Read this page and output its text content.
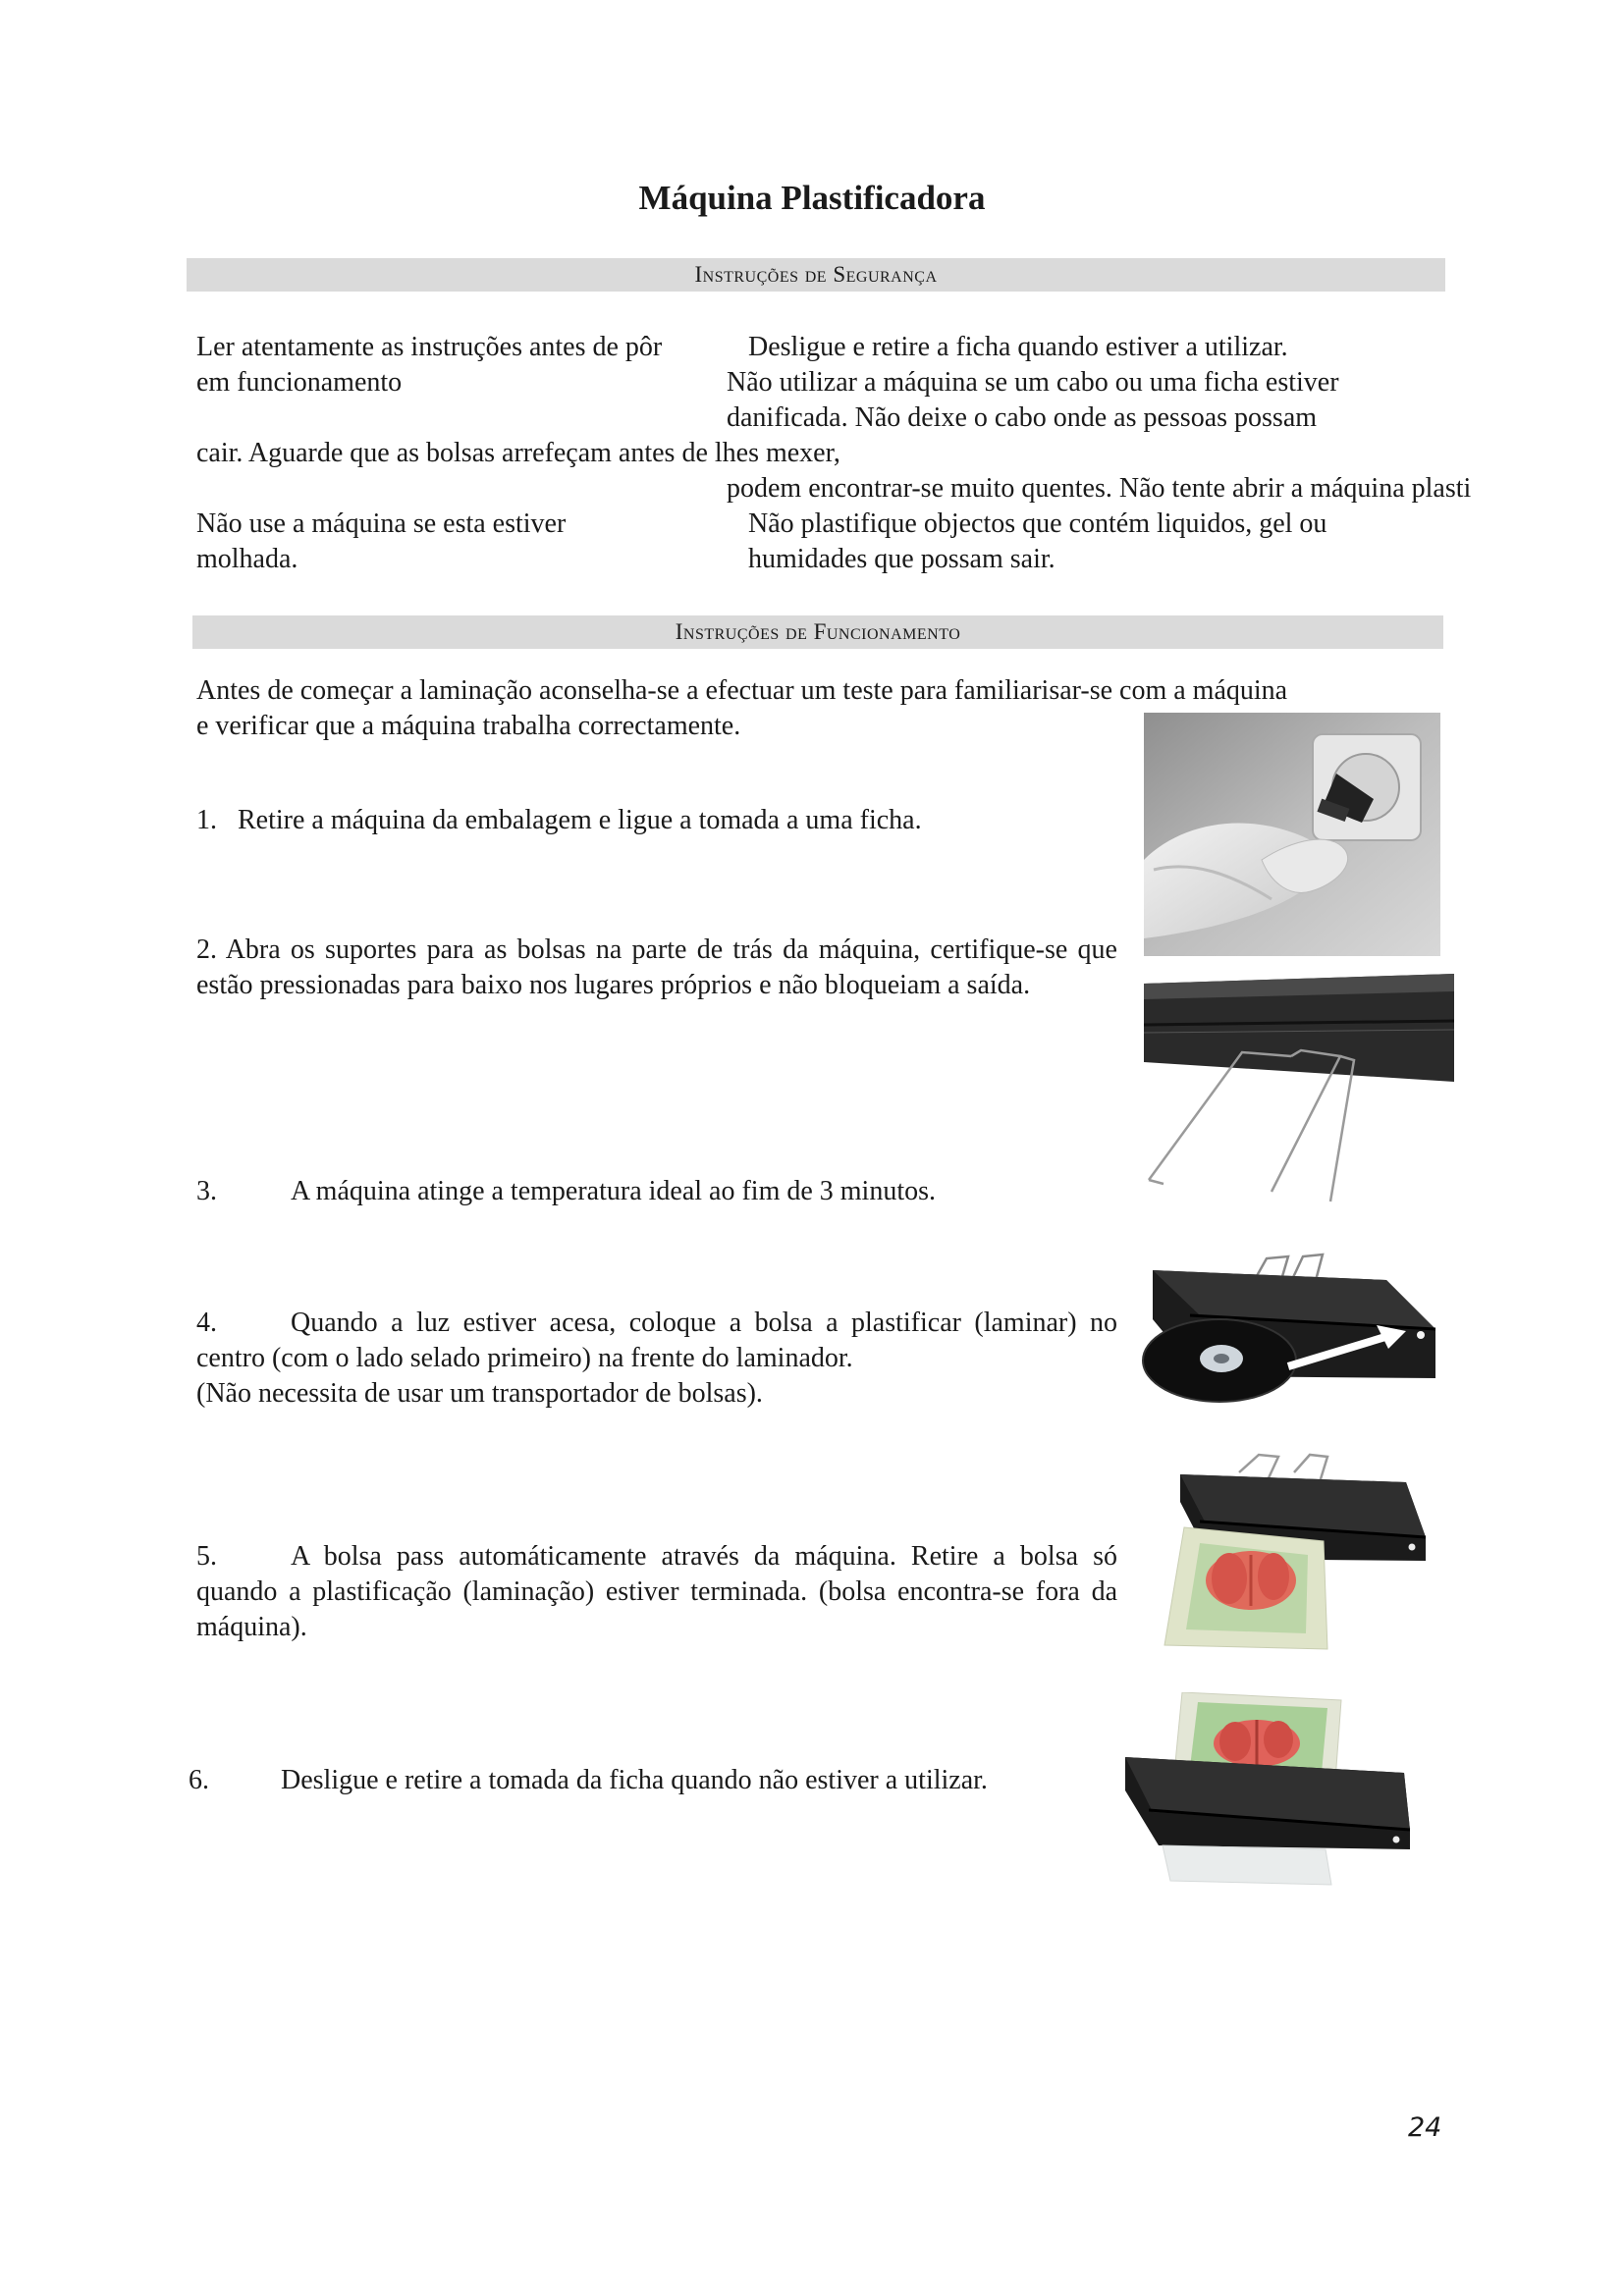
Máquina Plastificadora
Instruções de Segurança
Ler atentamente as instruções antes de pôr	Desligue e retire a ficha quando estiver a utilizar.
em funcionamento	Não utilizar a máquina se um cabo ou uma ficha estiver
danificada. Não deixe o cabo onde as pessoas possam
cair. Aguarde que as bolsas arrefeçam antes de lhes mexer,
podem encontrar-se muito quentes. Não tente abrir a máquina plasti
Não use a máquina se esta estiver	Não plastifique objectos que contém liquidos, gel ou
molhada.	humidades que possam sair.
Instruções de Funcionamento
Antes de começar a laminação aconselha-se a efectuar um teste para familiarisar-se com a máquina
e verificar que a máquina trabalha correctamente.
1. Retire a máquina da embalagem e ligue a tomada a uma ficha.
2. Abra os suportes para as bolsas na parte de trás da máquina, certifique-se que estão pressionadas para baixo nos lugares próprios e não bloqueiam a saída.
3.	A máquina atinge a temperatura ideal ao fim de 3 minutos.
4.	Quando a luz estiver acesa, coloque a bolsa a plastificar (laminar) no centro (com o lado selado primeiro) na frente do laminador.
(Não necessita de usar um transportador de bolsas).
5.	A bolsa pass automáticamente através da máquina. Retire a bolsa só quando a plastificação (laminação) estiver terminada. (bolsa encontra-se fora da máquina).
6.	Desligue e retire a tomada da ficha quando não estiver a utilizar.
24
